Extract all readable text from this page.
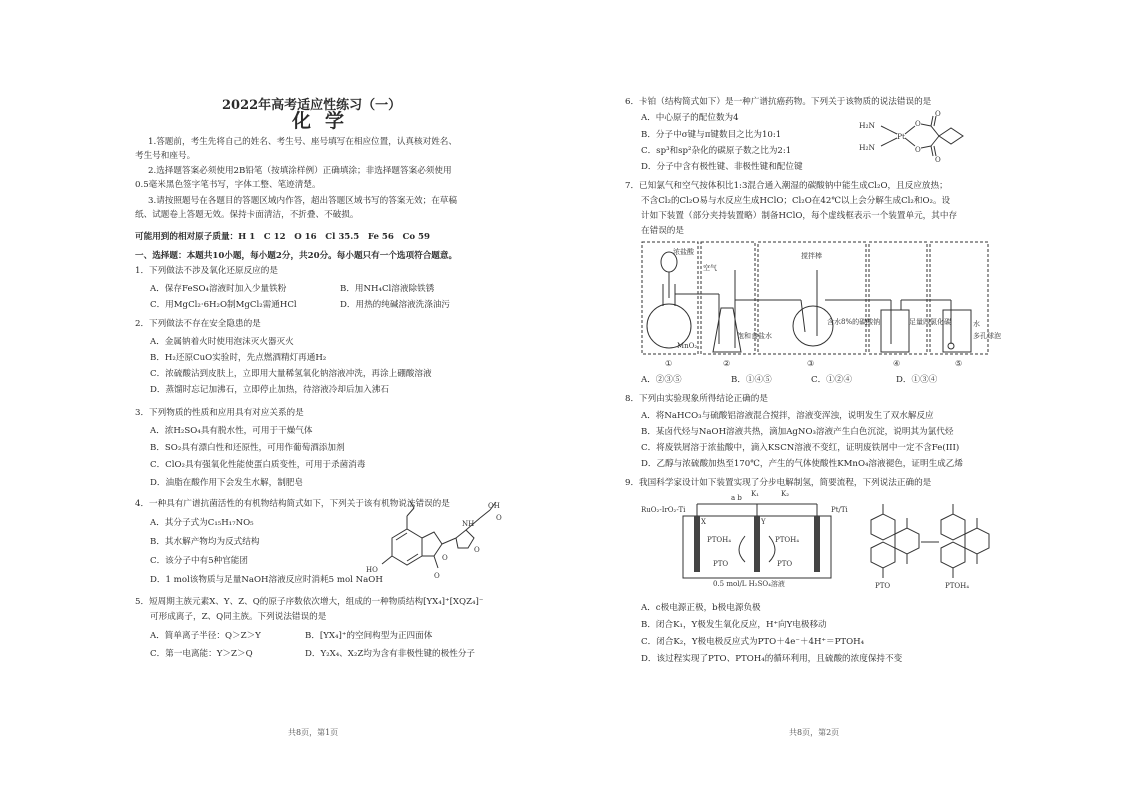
2022年高考适应性练习（一）
化学
1.答题前，考生先将自己的姓名、考生号、座号填写在相应位置，认真核对姓名、
考生号和座号。
2.选择题答案必须使用2B铅笔（按填涂样例）正确填涂；非选择题答案必须使用
0.5毫米黑色签字笔书写，字体工整、笔迹清楚。
3.请按照题号在各题目的答题区域内作答，超出答题区域书写的答案无效；在草稿
纸、试题卷上答题无效。保持卡面清洁，不折叠、不破损。
可能用到的相对原子质量：H 1　C 12　O 16　Cl 35.5　Fe 56　Co 59
一、选择题：本题共10小题，每小题2分，共20分。每小题只有一个选项符合题意。
1．下列做法不涉及氧化还原反应的是
A．保存FeSO₄溶液时加入少量铁粉	B．用NH₄Cl溶液除铁锈
C．用MgCl₂·6H₂O制MgCl₂需通HCl	D．用热的纯碱溶液洗涤油污
2．下列做法不存在安全隐患的是
A．金属钠着火时使用泡沫灭火器灭火
B．H₂还原CuO实验时，先点燃酒精灯再通H₂
C．浓硫酸沾到皮肤上，立即用大量稀氢氧化钠溶液冲洗，再涂上硼酸溶液
D．蒸馏时忘记加沸石，立即停止加热，待溶液冷却后加入沸石
3．下列物质的性质和应用具有对应关系的是
A．浓H₂SO₄具有脱水性，可用于干燥气体
B．SO₂具有漂白性和还原性，可用作葡萄酒添加剂
C．ClO₂具有强氧化性能使蛋白质变性，可用于杀菌消毒
D．油脂在酸作用下会发生水解，制肥皂
4．一种具有广谱抗菌活性的有机物结构简式如下，下列关于该有机物说法错误的是
A．其分子式为C₁₅H₁₇NO₅
B．其水解产物均为反式结构
C．该分子中有5种官能团
D．1 mol该物质与足量NaOH溶液反应时消耗5 mol NaOH
OH
O
NH
O
O
HO
O
5．短周期主族元素X、Y、Z、Q的原子序数依次增大，组成的一种物质结构[YX₄]⁺[XQZ₄]⁻
可形成离子，Z、Q同主族。下列说法错误的是
A．简单离子半径：Q＞Z＞Y	B．[YX₄]⁺的空间构型为正四面体
C．第一电离能：Y＞Z＞Q	D．Y₂X₄、X₂Z均为含有非极性键的极性分子
共8页，第1页
6．卡铂（结构简式如下）是一种广谱抗癌药物。下列关于该物质的说法错误的是
A．中心原子的配位数为4
B．分子中σ键与π键数目之比为10:1
C．sp³和sp²杂化的碳原子数之比为2:1
D．分子中含有极性键、非极性键和配位键
H₂N
H₂N
Pt
O
O
O
O
7．已知氯气和空气按体积比1:3混合通入潮湿的碳酸钠中能生成Cl₂O，且反应放热；
不含Cl₂的Cl₂O易与水反应生成HClO；Cl₂O在42℃以上会分解生成Cl₂和O₂。设
计如下装置（部分夹持装置略）制备HClO，每个虚线框表示一个装置单元，其中存
在错误的是
浓盐酸
MnO₂
空气
饱和食盐水
搅拌棒
含水8%的碳酸钠	足量四氯化碳	水
多孔球泡
①	②	③	④	⑤
A．②③⑤	B．①④⑤	C．①②④	D．①③④
8．下列由实验现象所得结论正确的是
A．将NaHCO₃与硫酸铝溶液混合搅拌，溶液变浑浊，说明发生了双水解反应
B．某卤代烃与NaOH溶液共热，滴加AgNO₃溶液产生白色沉淀，说明其为氯代烃
C．将废铁屑溶于浓盐酸中，滴入KSCN溶液不变红，证明废铁屑中一定不含Fe(III)
D．乙醇与浓硫酸加热至170℃，产生的气体使酸性KMnO₄溶液褪色，证明生成乙烯
9．我国科学家设计如下装置实现了分步电解制氢，简要流程，下列说法正确的是
RuO₂-IrO₂-Ti
a b K₁	K₂
Pt/Ti
X	Y
PTOH₄	PTOH₄
PTO	PTO
0.5 mol/L H₂SO₄溶液	PTO	PTOH₄
A．c极电源正极，b极电源负极
B．闭合K₁，Y极发生氧化反应，H⁺向Y电极移动
C．闭合K₂，Y极电极反应式为PTO＋4e⁻＋4H⁺＝PTOH₄
D．该过程实现了PTO、PTOH₄的循环利用，且硫酸的浓度保持不变
共8页，第2页
